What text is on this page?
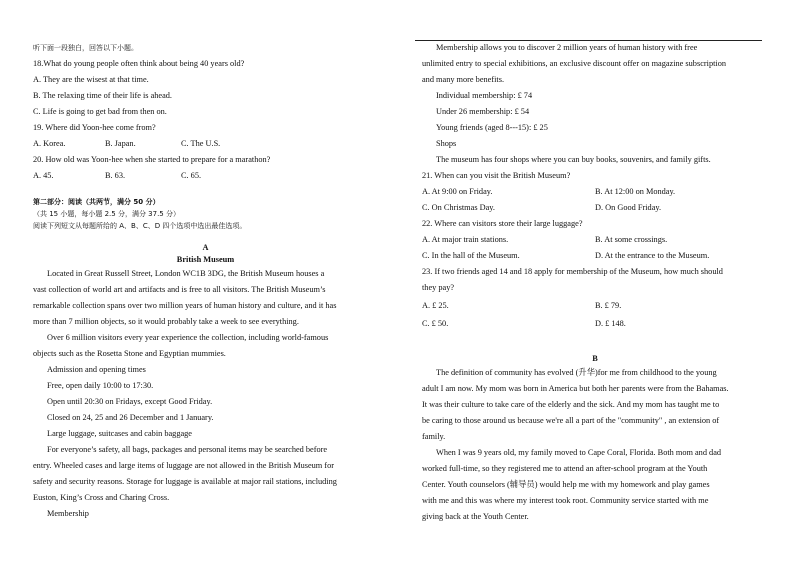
听下面一段独白，回答以下小题。

18.What do young people often think about being 40 years old?

A. They are the wisest at that time.

B. The relaxing time of their life is ahead.

C. Life is going to get bad from then on.

19. Where did Yoon-hee come from?

A. Korea.	B. Japan.	C. The U.S.

20. How old was Yoon-hee when she started to prepare for a marathon?

A. 45.	B. 63.	C. 65.

第二部分：阅读（共两节，满分 50 分）

（共 15 小题，每小题 2.5 分，满分 37.5 分）

阅读下列短文从每题所给的 A、B、C、D 四个选项中选出最佳选项。

A

British Museum

Located in Great Russell Street, London WC1B 3DG, the British Museum houses a

vast collection of world art and artifacts and is free to all visitors. The British Museum’s

remarkable collection spans over two million years of human history and culture, and it has

more than 7 million objects, so it would probably take a week to see everything.

Over 6 million visitors every year experience the collection, including world-famous

objects such as the Rosetta Stone and Egyptian mummies.

Admission and opening times

Free, open daily 10:00 to 17:30.

Open until 20:30 on Fridays, except Good Friday.

Closed on 24, 25 and 26 December and 1 January.

Large luggage, suitcases and cabin baggage

For everyone’s safety, all bags, packages and personal items may be searched before

entry. Wheeled cases and large items of luggage are not allowed in the British Museum for

safety and security reasons. Storage for luggage is available at major rail stations, including

Euston, King’s Cross and Charing Cross.

Membership

Membership allows you to discover 2 million years of human history with free

unlimited entry to special exhibitions, an exclusive discount offer on magazine subscription

and many more benefits.

Individual membership: £ 74

Under 26 membership: £ 54

Young friends (aged 8---15): £ 25

Shops

The museum has four shops where you can buy books, souvenirs, and family gifts.

21. When can you visit the British Museum?

A. At 9:00 on Friday.	B. At 12:00 on Monday.
C. On Christmas Day.	D. On Good Friday.

22. Where can visitors store their large luggage?

A. At major train stations.	B. At some crossings.
C. In the hall of the Museum.	D. At the entrance to the Museum.

23. If two friends aged 14 and 18 apply for membership of the Museum, how much should

they pay?

A. £ 25.	B. £ 79.
C. £ 50.	D. £ 148.

B

The definition of community has evolved (升华)for me from childhood to the young

adult I am now. My mom was born in America but both her parents were from the Bahamas.

It was their culture to take care of the elderly and the sick. And my mom has taught me to

be caring to those around us because we're all a part of the "community" , an extension of

family.

When I was 9 years old, my family moved to Cape Coral, Florida. Both mom and dad

worked full-time, so they registered me to attend an after-school program at the Youth

Center. Youth counselors (辅导员) would help me with my homework and play games

with me and this was where my interest took root. Community service started with me

giving back at the Youth Center.
